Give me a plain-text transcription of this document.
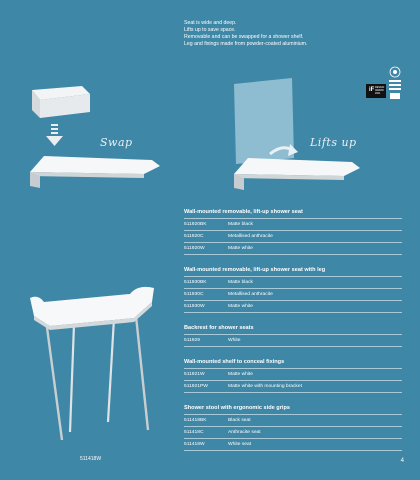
Seat is wide and deep.
Lifts up to save space.
Removable and can be swapped for a shower shelf.
Leg and fixings made from powder-coated aluminium.
Swap	Lifts up
iF DESIGN AWARD 2021
511418W
Wall-mounted removable, lift-up shower seat
511920BK	Matte black
511920C	Metallised anthracite
511920W	Matte white
Wall-mounted removable, lift-up shower seat with leg
511930BK	Matte black
511930C	Metallised anthracite
511930W	Matte white
Backrest for shower seats
511929	White
Wall-mounted shelf to conceal fixings
511921W	Matte white
511921PW	Matte white with mounting bracket
Shower stool with ergonomic side grips
511418BK	Black seat
511418C	Anthracite seat
511418W	White seat
4
